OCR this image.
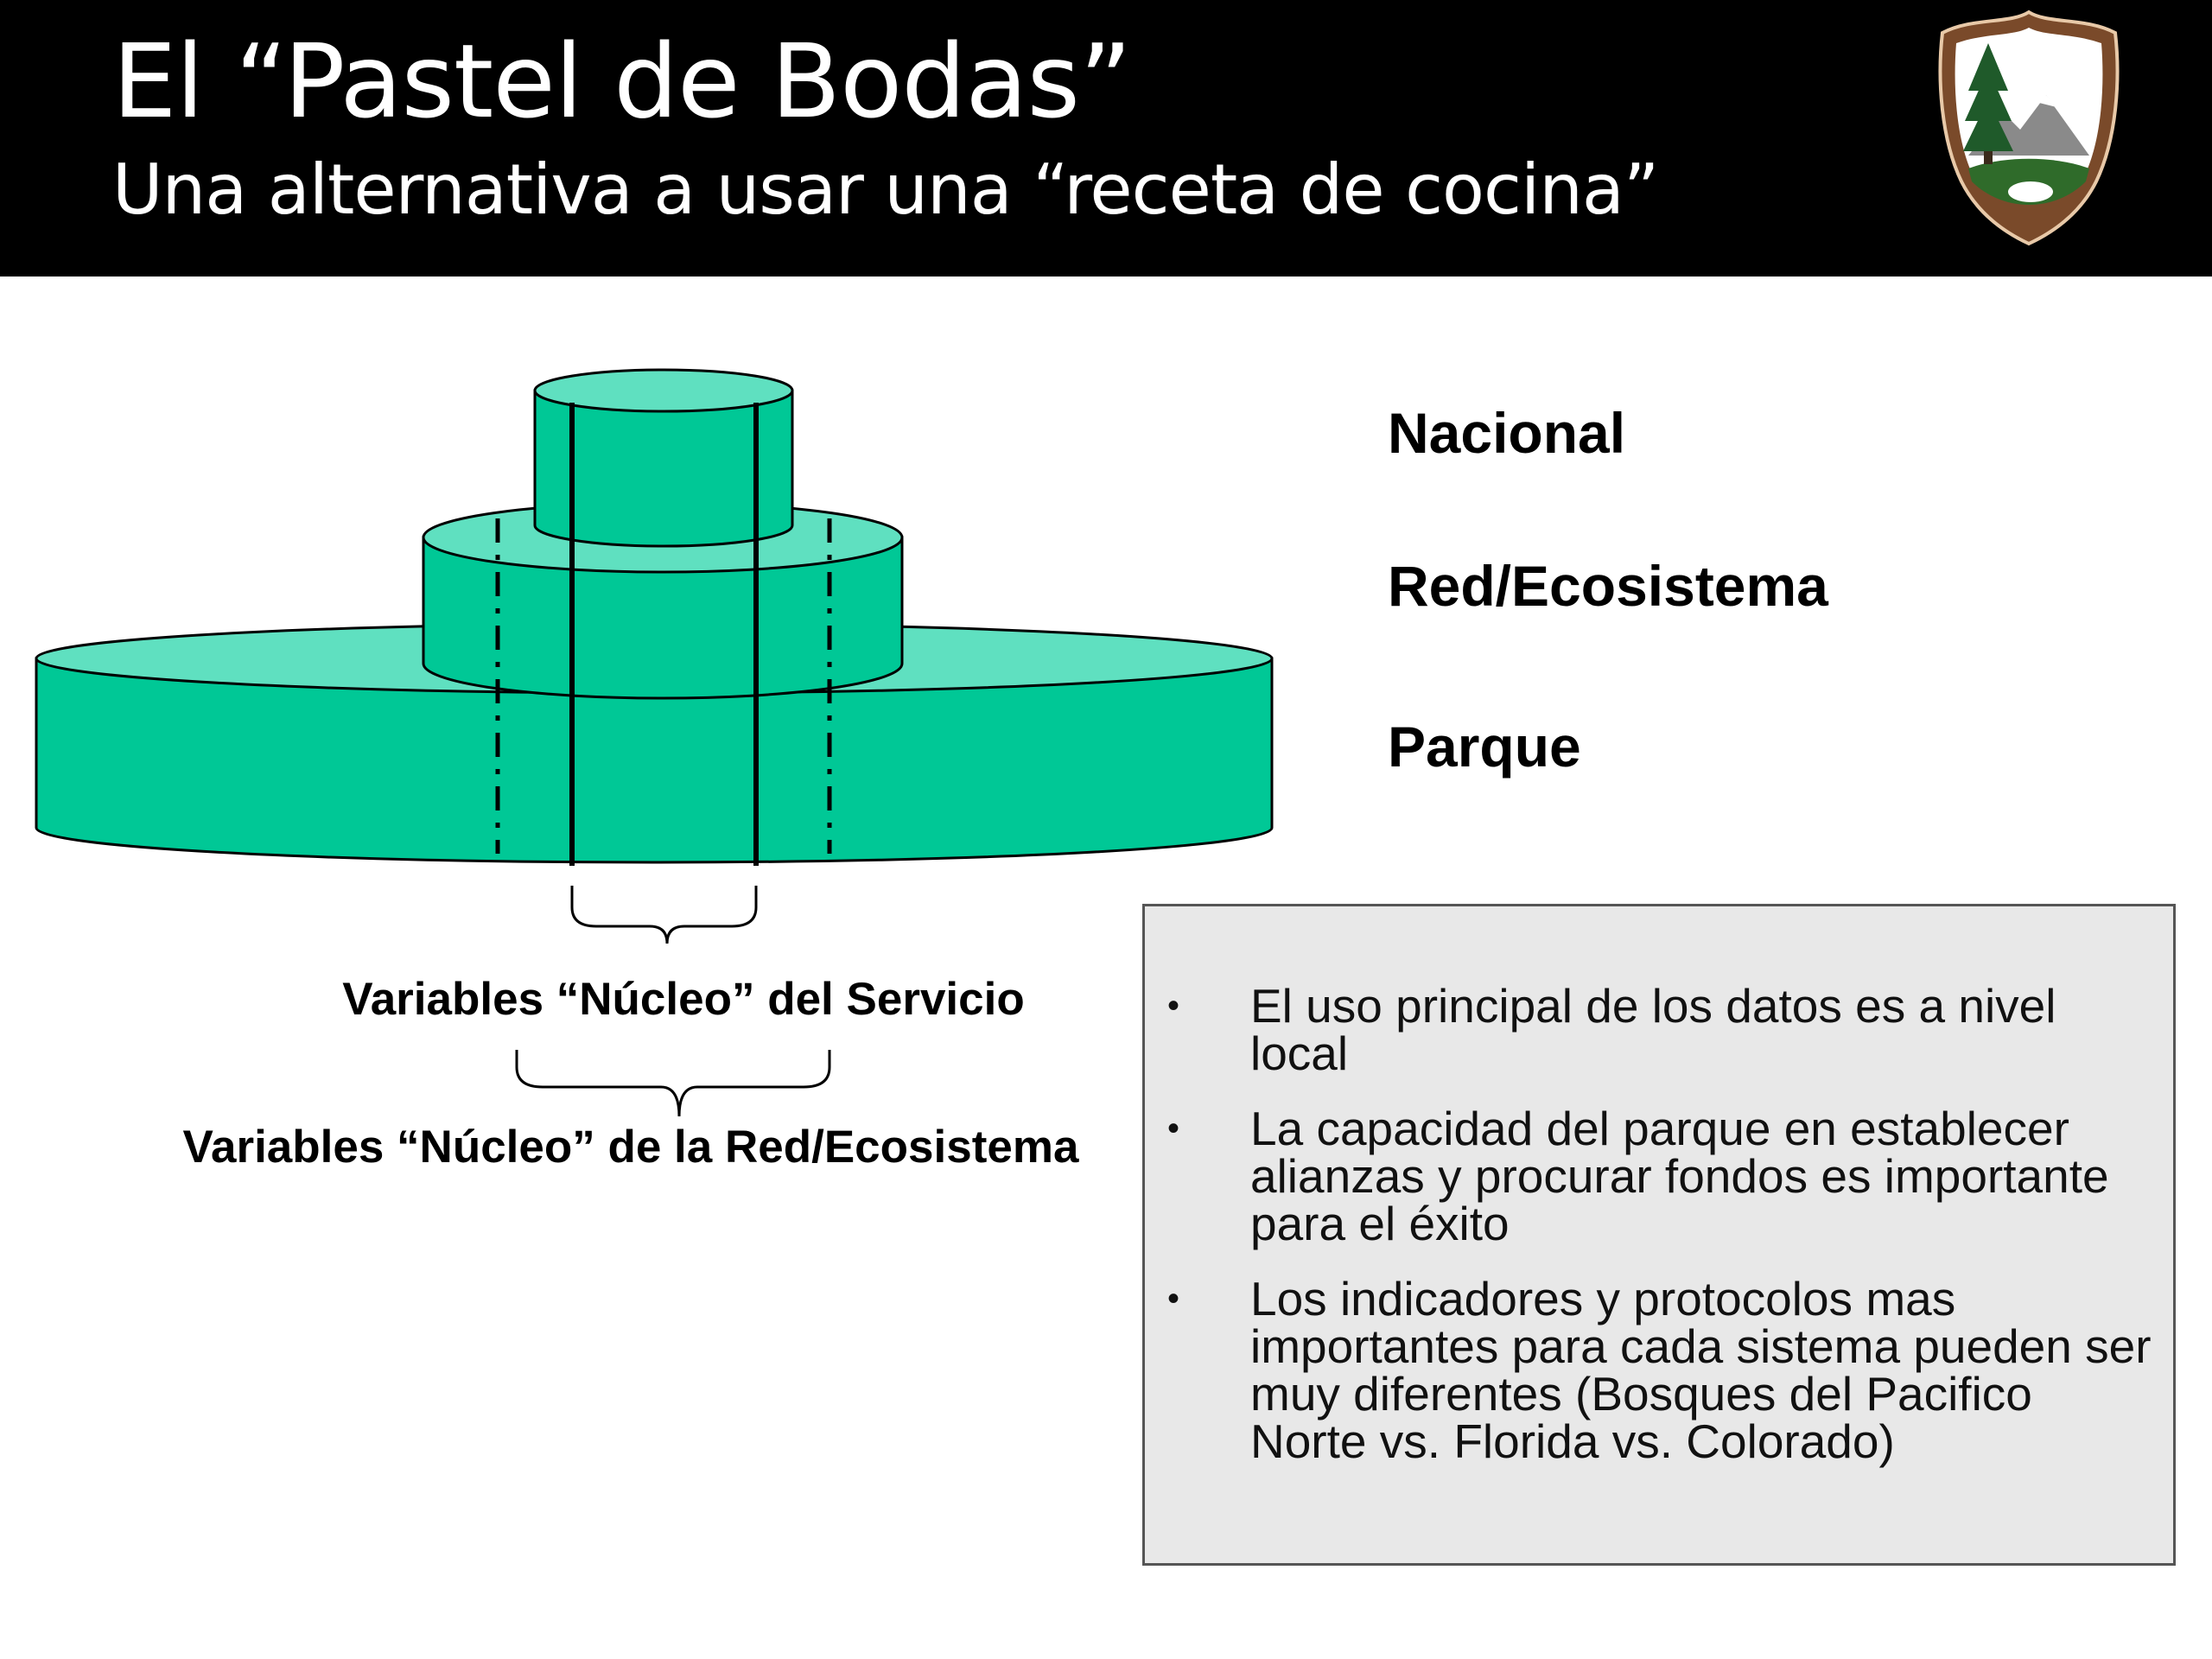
El “Pastel de Bodas”
Una alternativa a usar una “receta de cocina”
NATIONAL
PARK
SERVICE
Nacional
Red/Ecosistema
Parque
Variables “Núcleo” del Servicio
Variables “Núcleo” de la Red/Ecosistema
• El uso principal de los datos es a nivel local
• La capacidad del parque en establecer alianzas y procurar fondos es importante para el éxito
• Los indicadores y protocolos mas importantes para cada sistema pueden ser muy diferentes (Bosques del Pacifico Norte vs. Florida vs. Colorado)
